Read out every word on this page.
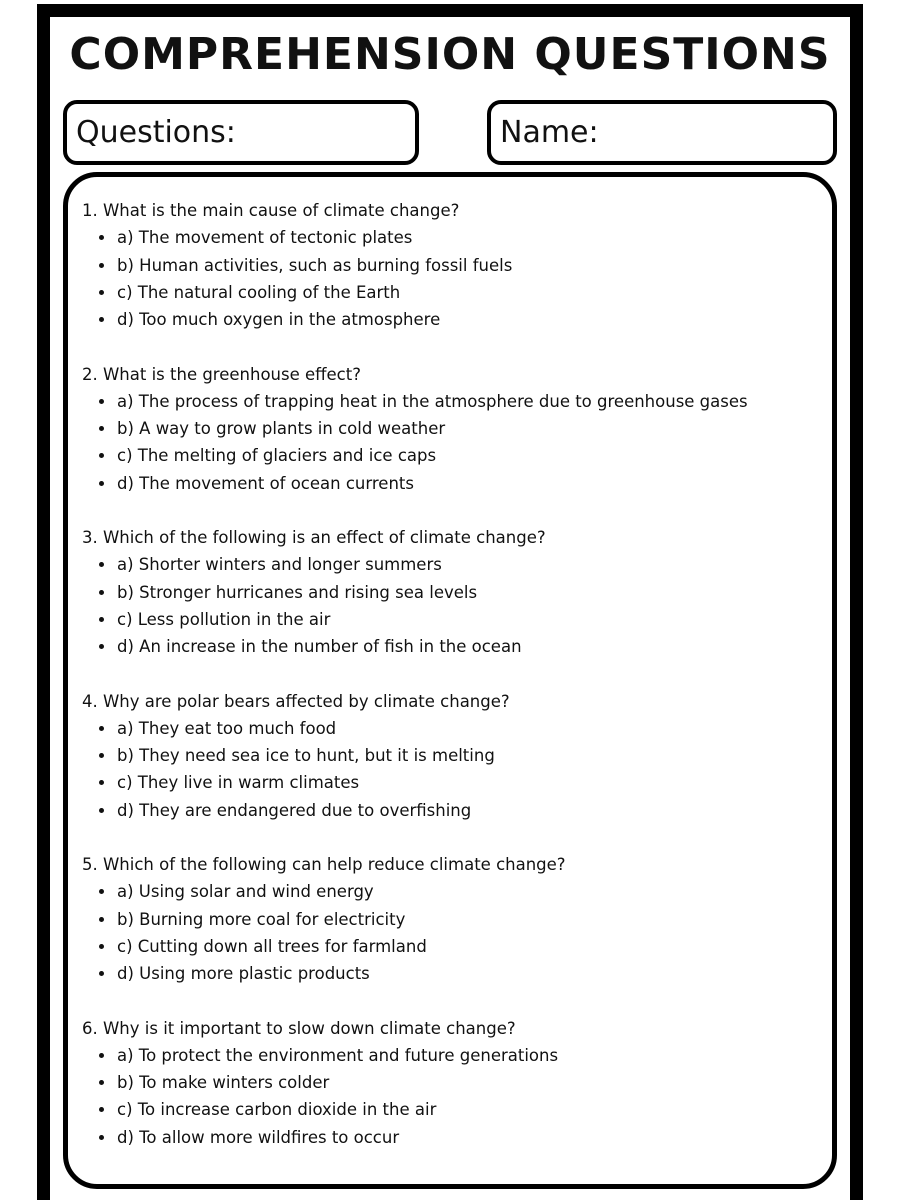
COMPREHENSION QUESTIONS
Questions:	Name:
1. What is the main cause of climate change?
a) The movement of tectonic plates
b) Human activities, such as burning fossil fuels
c) The natural cooling of the Earth
d) Too much oxygen in the atmosphere
2. What is the greenhouse effect?
a) The process of trapping heat in the atmosphere due to greenhouse gases
b) A way to grow plants in cold weather
c) The melting of glaciers and ice caps
d) The movement of ocean currents
3. Which of the following is an effect of climate change?
a) Shorter winters and longer summers
b) Stronger hurricanes and rising sea levels
c) Less pollution in the air
d) An increase in the number of fish in the ocean
4. Why are polar bears affected by climate change?
a) They eat too much food
b) They need sea ice to hunt, but it is melting
c) They live in warm climates
d) They are endangered due to overfishing
5. Which of the following can help reduce climate change?
a) Using solar and wind energy
b) Burning more coal for electricity
c) Cutting down all trees for farmland
d) Using more plastic products
6. Why is it important to slow down climate change?
a) To protect the environment and future generations
b) To make winters colder
c) To increase carbon dioxide in the air
d) To allow more wildfires to occur
